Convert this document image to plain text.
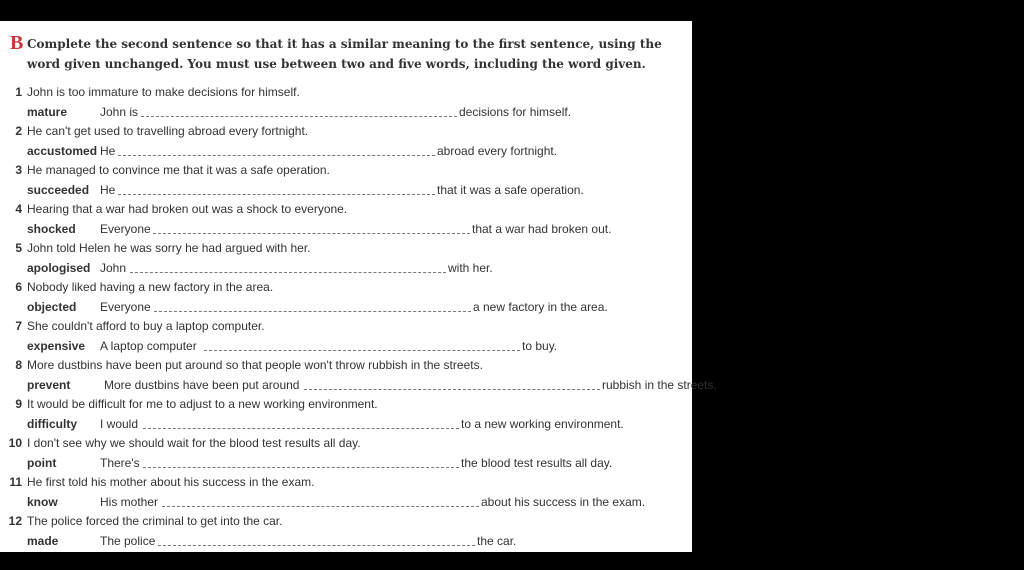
B Complete the second sentence so that it has a similar meaning to the first sentence, using the word given unchanged. You must use between two and five words, including the word given.
1 John is too immature to make decisions for himself.
mature	John is	decisions for himself.
2 He can't get used to travelling abroad every fortnight.
accustomed He	abroad every fortnight.
3 He managed to convince me that it was a safe operation.
succeeded He	that it was a safe operation.
4 Hearing that a war had broken out was a shock to everyone.
shocked Everyone	that a war had broken out.
5 John told Helen he was sorry he had argued with her.
apologised John	with her.
6 Nobody liked having a new factory in the area.
objected Everyone	a new factory in the area.
7 She couldn't afford to buy a laptop computer.
expensive A laptop computer	to buy.
8 More dustbins have been put around so that people won't throw rubbish in the streets.
prevent	More dustbins have been put around	rubbish in the streets.
9 It would be difficult for me to adjust to a new working environment.
difficulty I would	to a new working environment.
10 I don't see why we should wait for the blood test results all day.
point	There's	the blood test results all day.
11 He first told his mother about his success in the exam.
know	His mother	about his success in the exam.
12 The police forced the criminal to get into the car.
made	The police	the car.
